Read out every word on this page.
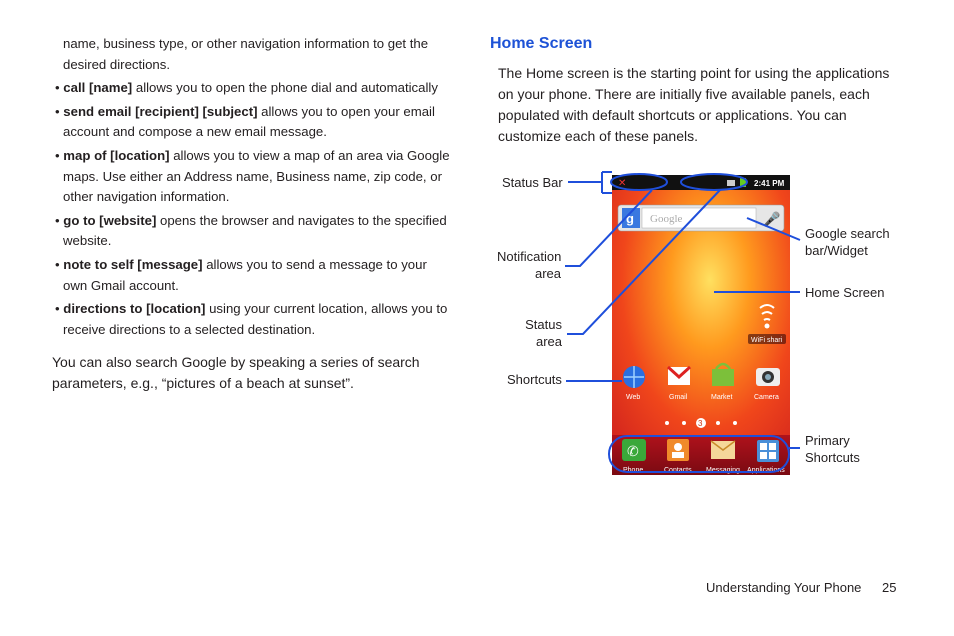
name, business type, or other navigation information to get the desired directions.
• call [name] allows you to open the phone dial and automatically
• send email [recipient] [subject] allows you to open your email account and compose a new email message.
• map of [location] allows you to view a map of an area via Google maps. Use either an Address name, Business name, zip code, or other navigation information.
• go to [website] opens the browser and navigates to the specified website.
• note to self [message] allows you to send a message to your own Gmail account.
• directions to [location] using your current location, allows you to receive directions to a selected destination.
You can also search Google by speaking a series of search parameters, e.g., “pictures of a beach at sunset”.
Home Screen
The Home screen is the starting point for using the applications on your phone. There are initially five available panels, each populated with default shortcuts or applications. You can customize each of these panels.
✕	2:41 PM
g Google	🎤
WiFi shari
Web	Gmail	Market	Camera
3
✆
Phone	Contacts Messaging Applications
Status Bar
Notification
area
Status
area
Shortcuts
Google search
bar/Widget
Home Screen
Primary
Shortcuts
Understanding Your Phone 25
